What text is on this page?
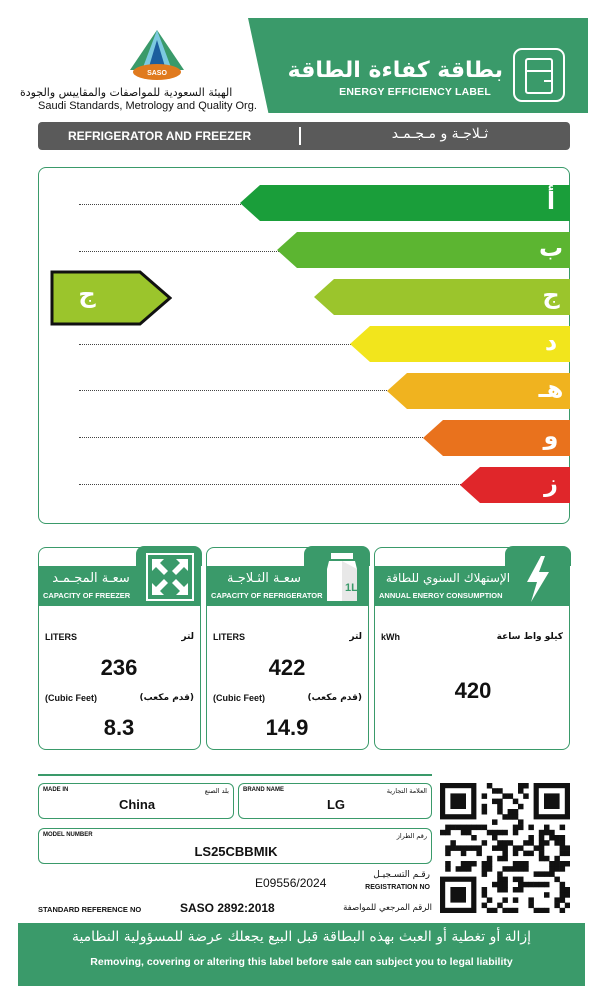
SASO
الهيئة السعودية للمواصفات والمقاييس والجودة
Saudi Standards, Metrology and Quality Org.
بطاقة كفاءة الطاقة
ENERGY EFFICIENCY LABEL
REFRIGERATOR AND FREEZER	ثـلاجـة و مـجـمـد
أ
ب
ج
د
هـ
و
ز
ج
سعـة المجـمـد
CAPACITY OF FREEZER
LITERS	لتر
236
(Cubic Feet)	(قدم مكعب)
8.3
1L
سعـة الثـلاجـة
CAPACITY OF REFRIGERATOR
LITERS	لتر
422
(Cubic Feet)	(قدم مكعب)
14.9
الإستهلاك السنوي للطاقة
ANNUAL ENERGY CONSUMPTION
kWh	كيلو واط ساعة
420
MADE IN	بلد الصنع
China
BRAND NAME	العلامة التجارية
LG
MODEL NUMBER	رقم الطراز
LS25CBBMIK
E09556/2024
رقـم التسـجيـل
REGISTRATION NO
STANDARD REFERENCE NO	SASO 2892:2018	الرقم المرجعي للمواصفة
إزالة أو تغطية أو العبث بهذه البطاقة قبل البيع يجعلك عرضة للمسؤولية النظامية
Removing, covering or altering this label before sale can subject you to legal liability
